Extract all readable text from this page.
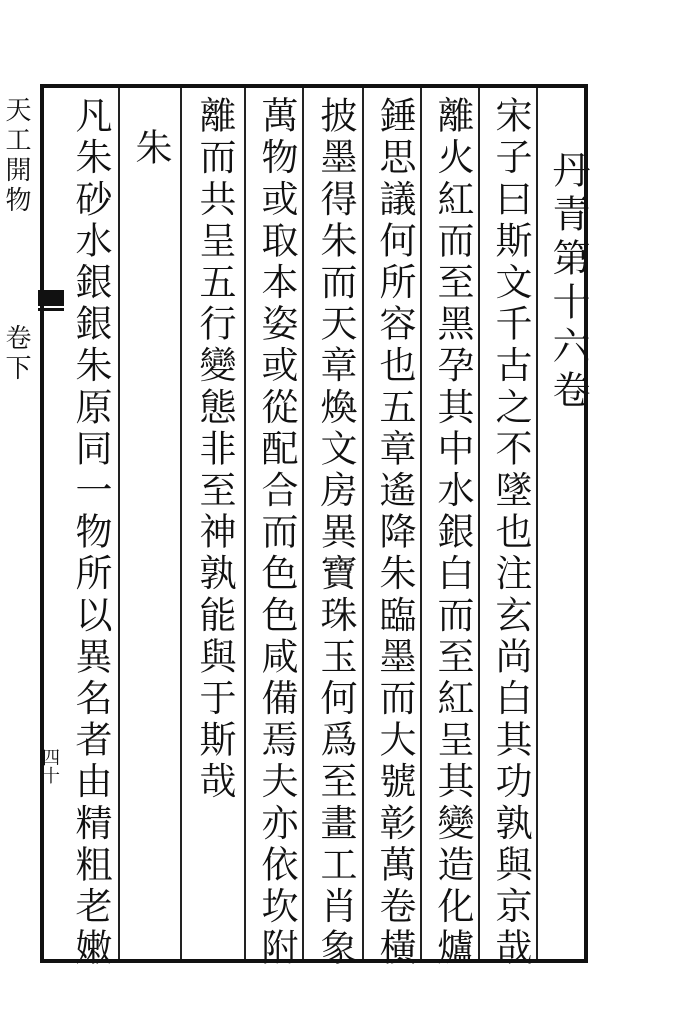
天工開物
卷下
四十
丹青第十六卷
宋子曰斯文千古之不墜也注玄尚白其功孰與京哉
離火紅而至黑孕其中水銀白而至紅呈其變造化爐
錘思議何所容也五章遙降朱臨墨而大號彰萬卷橫
披墨得朱而天章煥文房異寶珠玉何爲至畫工肖象
萬物或取本姿或從配合而色色咸備焉夫亦依坎附
離而共呈五行變態非至神孰能與于斯哉
朱
凡朱砂水銀銀朱原同一物所以異名者由精粗老嫩
